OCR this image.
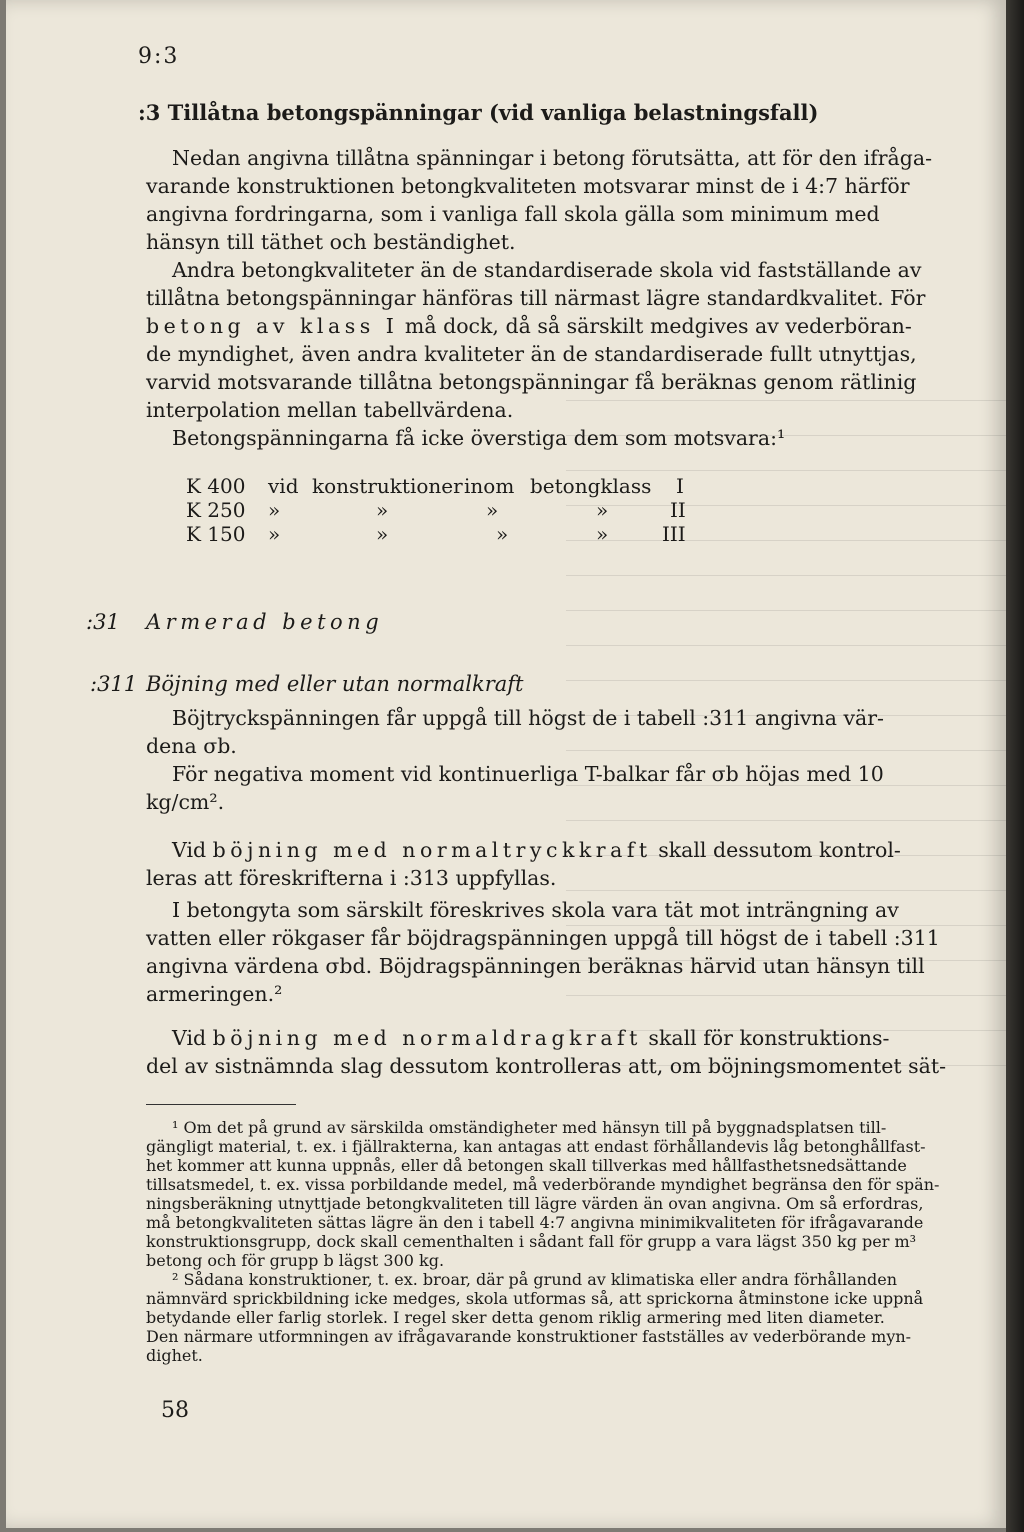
9:3
:3 Tillåtna betongspänningar (vid vanliga belastningsfall)
Nedan angivna tillåtna spänningar i betong förutsätta, att för den ifråga-
varande konstruktionen betongkvaliteten motsvarar minst de i 4:7 härför
angivna fordringarna, som i vanliga fall skola gälla som minimum med
hänsyn till täthet och beständighet.
Andra betongkvaliteter än de standardiserade skola vid fastställande av
tillåtna betongspänningar hänföras till närmast lägre standardkvalitet. För
betong av klass I må dock, då så särskilt medgives av vederböran-
de myndighet, även andra kvaliteter än de standardiserade fullt utnyttjas,
varvid motsvarande tillåtna betongspänningar få beräknas genom rätlinig
interpolation mellan tabellvärdena.
Betongspänningarna få icke överstiga dem som motsvara:¹
K 400 vid konstruktioner inom betongklass I
K 250 »	»	»	»	II
K 150 »	»	»	»	III
:31 Armerad betong
:311 Böjning med eller utan normalkraft
Böjtryckspänningen får uppgå till högst de i tabell :311 angivna vär-
dena σb.
För negativa moment vid kontinuerliga T-balkar får σb höjas med 10
kg/cm².
Vid böjning med normaltryckkraft skall dessutom kontrol-
leras att föreskrifterna i :313 uppfyllas.
I betongyta som särskilt föreskrives skola vara tät mot inträngning av
vatten eller rökgaser får böjdragspänningen uppgå till högst de i tabell :311
angivna värdena σbd. Böjdragspänningen beräknas härvid utan hänsyn till
armeringen.²
Vid böjning med normaldragkraft skall för konstruktions-
del av sistnämnda slag dessutom kontrolleras att, om böjningsmomentet sät-
¹ Om det på grund av särskilda omständigheter med hänsyn till på byggnadsplatsen till-
gängligt material, t. ex. i fjällrakterna, kan antagas att endast förhållandevis låg betonghållfast-
het kommer att kunna uppnås, eller då betongen skall tillverkas med hållfasthetsnedsättande
tillsatsmedel, t. ex. vissa porbildande medel, må vederbörande myndighet begränsa den för spän-
ningsberäkning utnyttjade betongkvaliteten till lägre värden än ovan angivna. Om så erfordras,
må betongkvaliteten sättas lägre än den i tabell 4:7 angivna minimikvaliteten för ifrågavarande
konstruktionsgrupp, dock skall cementhalten i sådant fall för grupp a vara lägst 350 kg per m³
betong och för grupp b lägst 300 kg.
² Sådana konstruktioner, t. ex. broar, där på grund av klimatiska eller andra förhållanden
nämnvärd sprickbildning icke medges, skola utformas så, att sprickorna åtminstone icke uppnå
betydande eller farlig storlek. I regel sker detta genom riklig armering med liten diameter.
Den närmare utformningen av ifrågavarande konstruktioner fastställes av vederbörande myn-
dighet.
58
